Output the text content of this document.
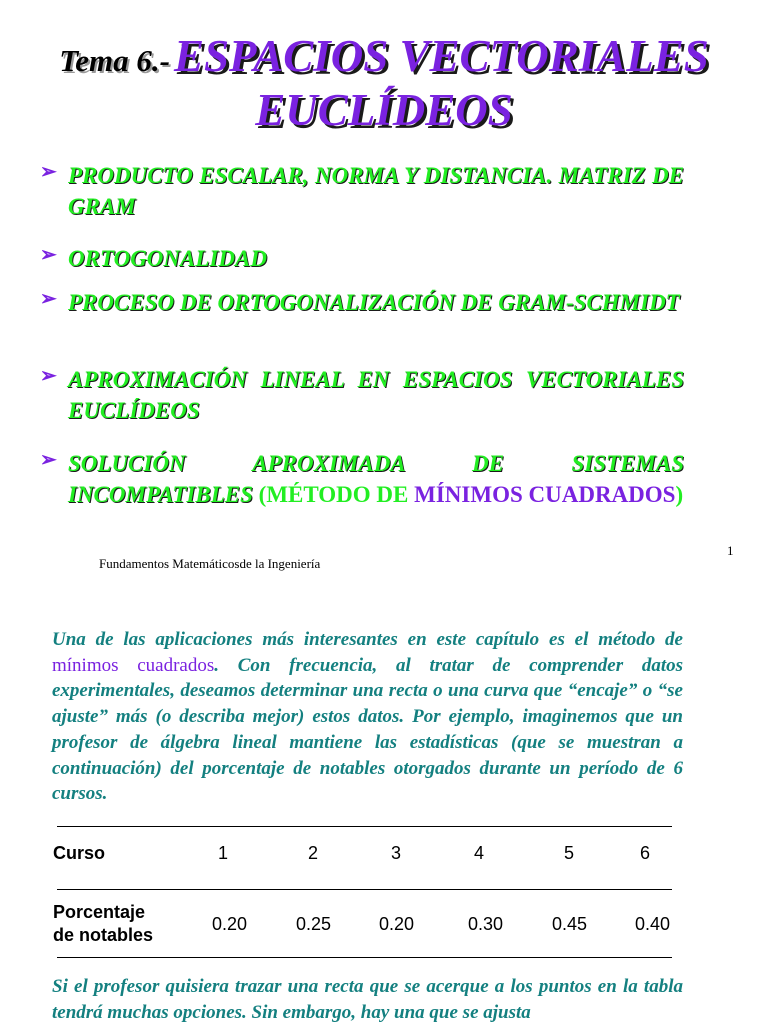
Tema 6.- ESPACIOS VECTORIALES
EUCLÍDEOS
➢ PRODUCTO ESCALAR, NORMA Y DISTANCIA. MATRIZ DE GRAM
➢ ORTOGONALIDAD
➢ PROCESO DE ORTOGONALIZACIÓN DE GRAM-SCHMIDT
➢ APROXIMACIÓN LINEAL EN ESPACIOS VECTORIALES EUCLÍDEOS
➢ SOLUCIÓN APROXIMADA DE SISTEMAS INCOMPATIBLES (MÉTODO DE MÍNIMOS CUADRADOS)
Fundamentos Matemáticosde la Ingeniería
1
Una de las aplicaciones más interesantes en este capítulo es el método de mínimos cuadrados. Con frecuencia, al tratar de comprender datos experimentales, deseamos determinar una recta o una curva que “encaje” o “se ajuste” más (o describa mejor) estos datos. Por ejemplo, imaginemos que un profesor de álgebra lineal mantiene las estadísticas (que se muestran a continuación) del porcentaje de notables otorgados durante un período de 6 cursos.
Curso	1	2	3	4	5	6
Porcentaje
de notables
0.20	0.25	0.20	0.30	0.45	0.40
Si el profesor quisiera trazar una recta que se acerque a los puntos en la tabla tendrá muchas opciones. Sin embargo, hay una que se ajusta
